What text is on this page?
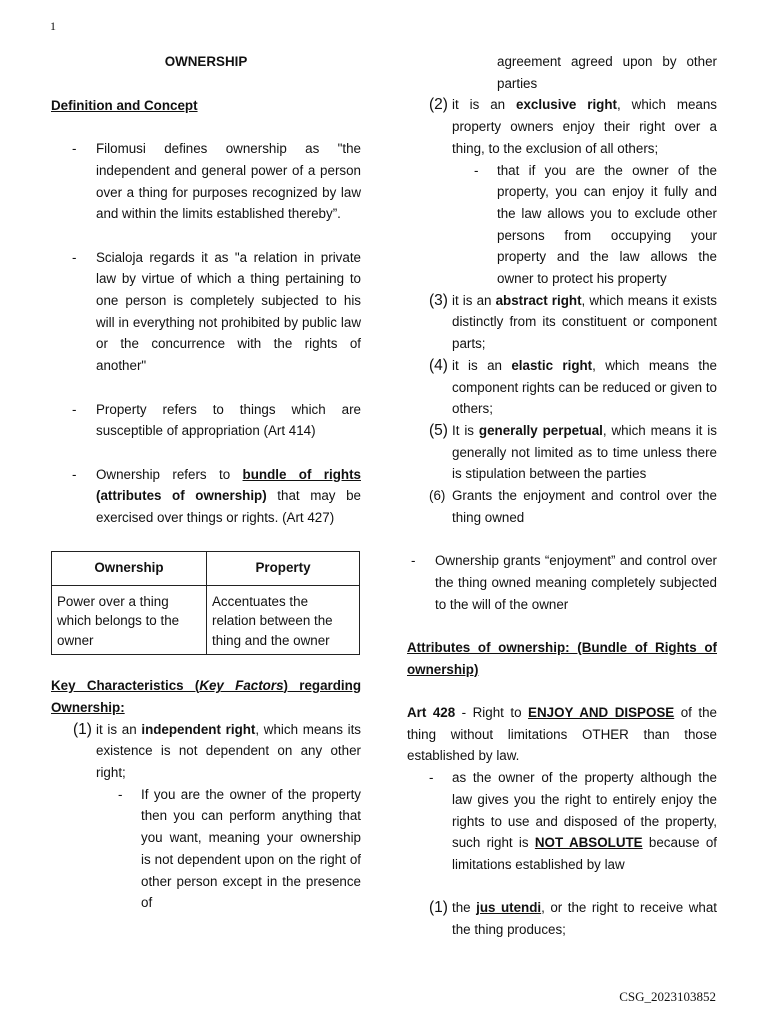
1

OWNERSHIP

Definition and Concept

- Filomusi defines ownership as "the independent and general power of a person over a thing for purposes recognized by law and within the limits established thereby”.
- Scialoja regards it as "a relation in private law by virtue of which a thing pertaining to one person is completely subjected to his will in everything not prohibited by public law or the concurrence with the rights of another"
- Property refers to things which are susceptible of appropriation (Art 414)
- Ownership refers to bundle of rights (attributes of ownership) that may be exercised over things or rights. (Art 427)
Ownership	Property
Power over a thing which belongs to the owner	Accentuates the relation between the thing and the owner

Key Characteristics (Key Factors) regarding Ownership:

(1) it is an independent right, which means its existence is not dependent on any other right;
- If you are the owner of the property then you can perform anything that you want, meaning your ownership is not dependent upon on the right of other person except in the presence of
agreement agreed upon by other parties
(2) it is an exclusive right, which means property owners enjoy their right over a thing, to the exclusion of all others;
- that if you are the owner of the property, you can enjoy it fully and the law allows you to exclude other persons from occupying your property and the law allows the owner to protect his property
(3) it is an abstract right, which means it exists distinctly from its constituent or component parts;
(4) it is an elastic right, which means the component rights can be reduced or given to others;
(5) It is generally perpetual, which means it is generally not limited as to time unless there is stipulation between the parties
(6) Grants the enjoyment and control over the thing owned
- Ownership grants “enjoyment” and control over the thing owned meaning completely subjected to the will of the owner

Attributes of ownership: (Bundle of Rights of ownership)

Art 428 - Right to ENJOY AND DISPOSE of the thing without limitations OTHER than those established by law.

- as the owner of the property although the law gives you the right to entirely enjoy the rights to use and disposed of the property, such right is NOT ABSOLUTE because of limitations established by law
(1) the jus utendi, or the right to receive what the thing produces;
CSG_2023103852
